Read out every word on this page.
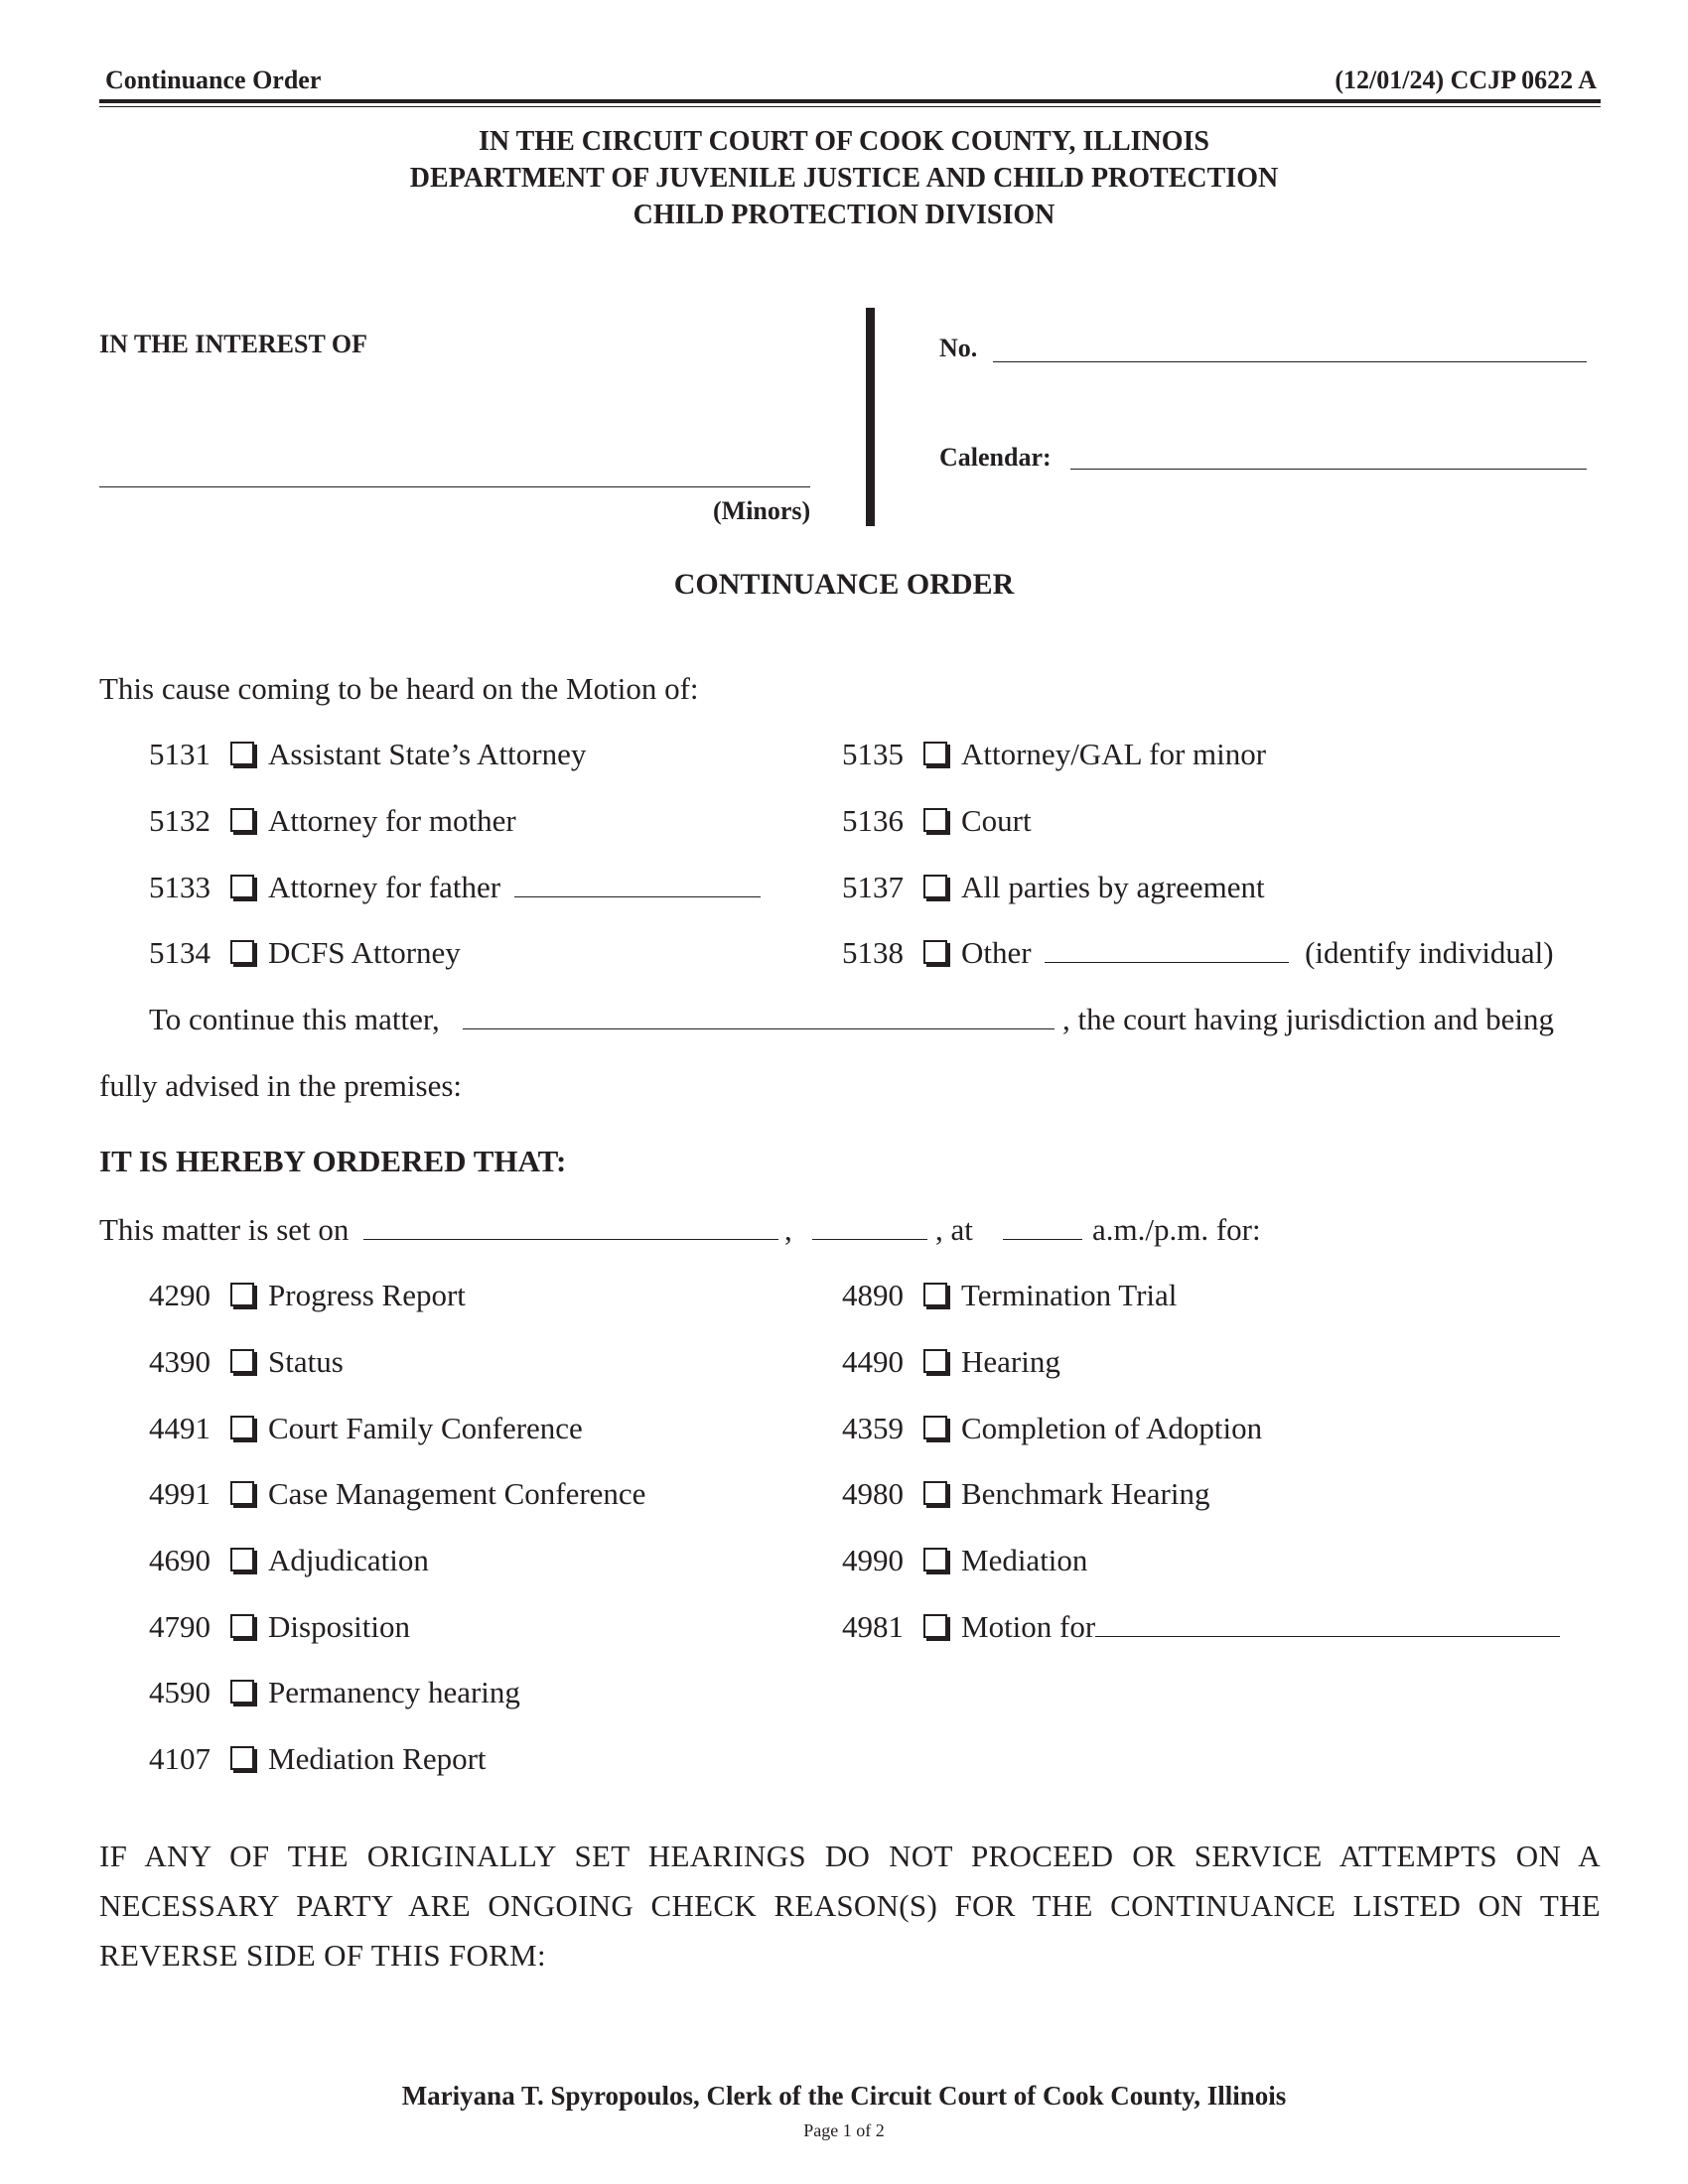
Continuance Order	(12/01/24) CCJP 0622 A
IN THE CIRCUIT COURT OF COOK COUNTY, ILLINOIS
DEPARTMENT OF JUVENILE JUSTICE AND CHILD PROTECTION
CHILD PROTECTION DIVISION
IN THE INTEREST OF
(Minors)
No.
Calendar:
CONTINUANCE ORDER
This cause coming to be heard on the Motion of:
5131 Assistant State’s Attorney
5132 Attorney for mother
5133 Attorney for father
5134 DCFS Attorney
5135 Attorney/GAL for minor
5136 Court
5137 All parties by agreement
5138 Other	(identify individual)
To continue this matter,	, the court having jurisdiction and being
fully advised in the premises:
IT IS HEREBY ORDERED THAT:
This matter is set on	,	, at	a.m./p.m. for:
4290 Progress Report
4390 Status
4491 Court Family Conference
4991 Case Management Conference
4690 Adjudication
4790 Disposition
4590 Permanency hearing
4107 Mediation Report
4890 Termination Trial
4490 Hearing
4359 Completion of Adoption
4980 Benchmark Hearing
4990 Mediation
4981 Motion for
IF ANY OF THE ORIGINALLY SET HEARINGS DO NOT PROCEED OR SERVICE ATTEMPTS ON A NECESSARY PARTY ARE ONGOING CHECK REASON(S) FOR THE CONTINUANCE LISTED ON THE REVERSE SIDE OF THIS FORM:
Mariyana T. Spyropoulos, Clerk of the Circuit Court of Cook County, Illinois
Page 1 of 2
